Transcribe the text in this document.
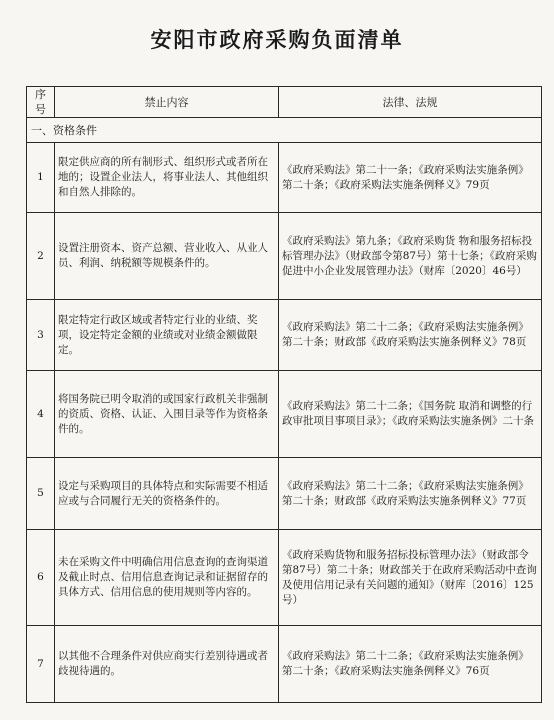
安阳市政府采购负面清单
序号	禁止内容	法律、法规
一、资格条件		
1	限定供应商的所有制形式、组织形式或者所在地的；设置企业法人，将事业法人、其他组织和自然人排除的。	《政府采购法》第二十一条；《政府采购法实施条例》第二十条；《政府采购法实施条例释义》79页
2	设置注册资本、资产总额、营业收入、从业人员、利润、纳税额等规模条件的。	《政府采购法》第九条；《政府采购货 物和服务招标投标管理办法》（财政部令第87号）第十七条；《政府采购促进中小企业发展管理办法》（财库〔2020〕46号）
3	限定特定行政区域或者特定行业的业绩、奖项，设定特定金额的业绩或对业绩金额做限定。	《政府采购法》第二十二条；《政府采购法实施条例》第二十条；财政部《政府采购法实施条例释义》78页
4	将国务院已明令取消的或国家行政机关非强制的资质、资格、认证、入围目录等作为资格条件的。	《政府采购法》第二十二条；《国务院 取消和调整的行政审批项目事项目录》；《政府采购法实施条例》二十条
5	设定与采购项目的具体特点和实际需要不相适应或与合同履行无关的资格条件的。	《政府采购法》第二十二条；《政府采购法实施条例》第二十条；财政部《政府采购法实施条例释义》77页
6	未在采购文件中明确信用信息查询的查询渠道及截止时点、信用信息查询记录和证据留存的具体方式、信用信息的使用规则等内容的。	《政府采购货物和服务招标投标管理办法》（财政部令第87号）第二十条；财政部关于在政府采购活动中查询及使用信用记录有关问题的通知》（财库〔2016〕125号）
7	以其他不合理条件对供应商实行差别待遇或者歧视待遇的。	《政府采购法》第二十二条；《政府采购法实施条例》第二十条；《政府采购法实施条例释义》76页
